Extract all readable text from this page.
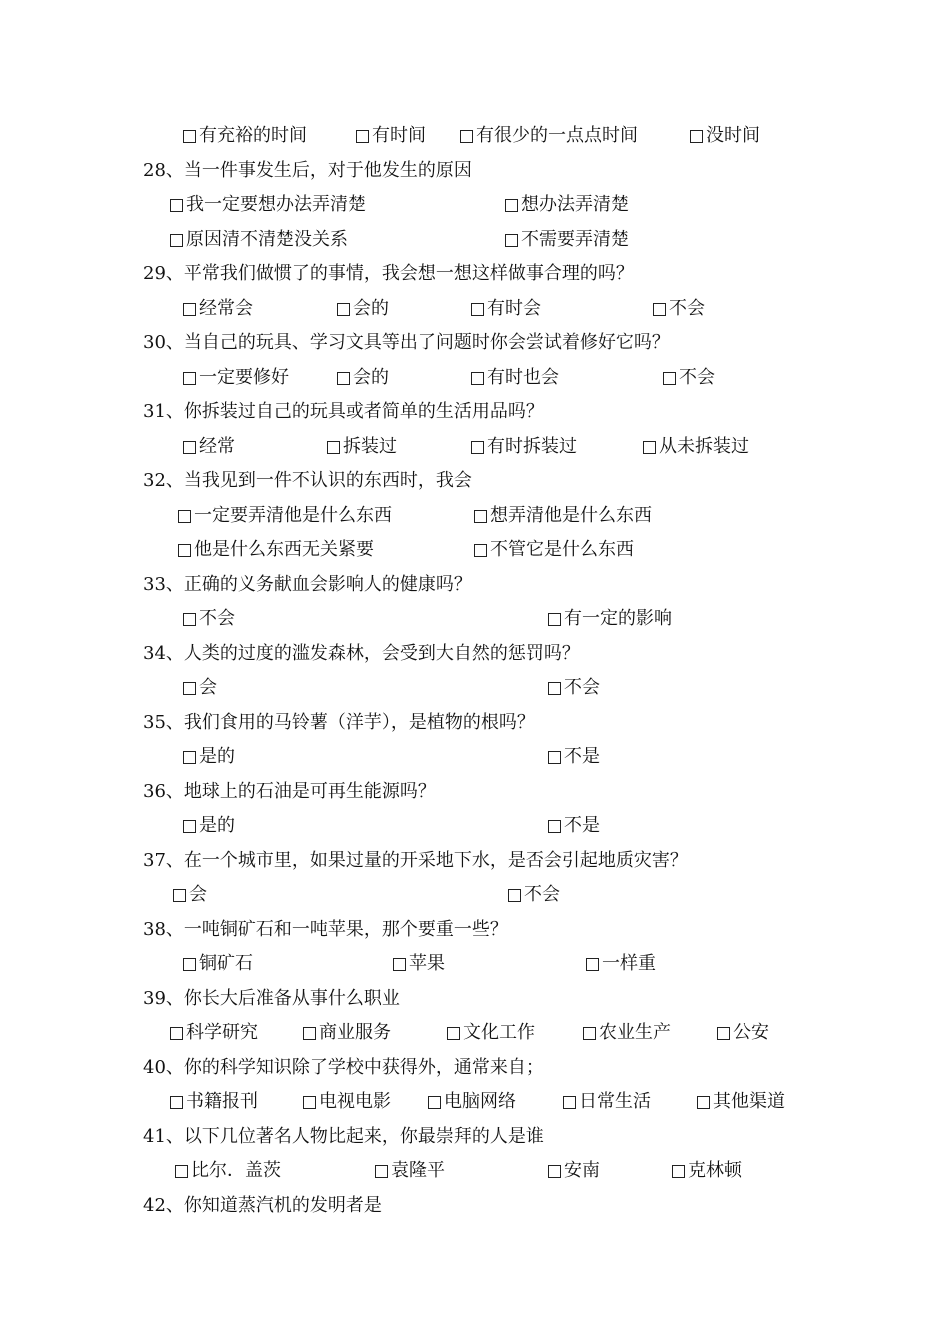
有充裕的时间	有时间	有很少的一点点时间	没时间
28、当一件事发生后，对于他发生的原因
我一定要想办法弄清楚	想办法弄清楚
原因清不清楚没关系	不需要弄清楚
29、平常我们做惯了的事情，我会想一想这样做事合理的吗？
经常会	会的	有时会	不会
30、当自己的玩具、学习文具等出了问题时你会尝试着修好它吗？
一定要修好	会的	有时也会	不会
31、你拆装过自己的玩具或者简单的生活用品吗？
经常	拆装过	有时拆装过	从未拆装过
32、当我见到一件不认识的东西时，我会
一定要弄清他是什么东西	想弄清他是什么东西
他是什么东西无关紧要	不管它是什么东西
33、正确的义务献血会影响人的健康吗？
不会	有一定的影响
34、人类的过度的滥发森林，会受到大自然的惩罚吗？
会	不会
35、我们食用的马铃薯（洋芋），是植物的根吗？
是的	不是
36、地球上的石油是可再生能源吗？
是的	不是
37、在一个城市里，如果过量的开采地下水，是否会引起地质灾害？
会	不会
38、一吨铜矿石和一吨苹果，那个要重一些？
铜矿石	苹果	一样重
39、你长大后准备从事什么职业
科学研究	商业服务	文化工作	农业生产	公安
40、你的科学知识除了学校中获得外，通常来自；
书籍报刊	电视电影	电脑网络	日常生活	其他渠道
41、以下几位著名人物比起来，你最崇拜的人是谁
比尔．盖茨	袁隆平	安南	克林顿
42、你知道蒸汽机的发明者是
